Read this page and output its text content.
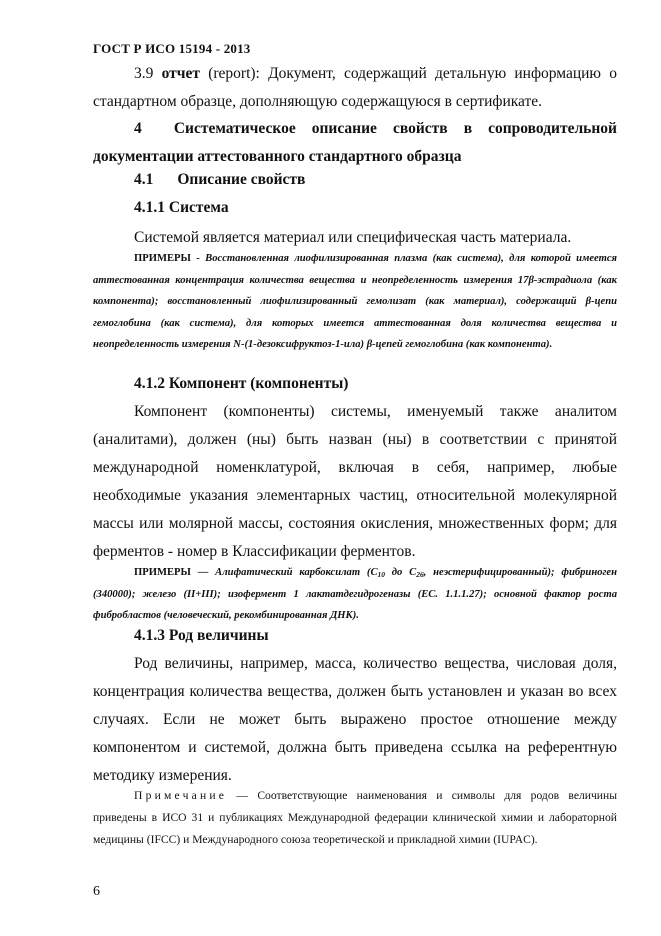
ГОСТ Р ИСО 15194 - 2013
3.9 отчет (report): Документ, содержащий детальную информацию о стандартном образце, дополняющую содержащуюся в сертификате.
4 Систематическое описание свойств в сопроводительной документации аттестованного стандартного образца
4.1 Описание свойств
4.1.1 Система
Системой является материал или специфическая часть материала.
ПРИМЕРЫ - Восстановленная лиофилизированная плазма (как система), для которой имеется аттестованная концентрация количества вещества и неопределенность измерения 17β-эстрадиола (как компонента); восстановленный лиофилизированный гемолизат (как материал), содержащий β-цепи гемоглобина (как система), для которых имеется аттестованная доля количества вещества и неопределенность измерения N-(1-дезоксифруктоз-1-ила) β-цепей гемоглобина (как компонента).
4.1.2 Компонент (компоненты)
Компонент (компоненты) системы, именуемый также аналитом (аналитами), должен (ны) быть назван (ны) в соответствии с принятой международной номенклатурой, включая в себя, например, любые необходимые указания элементарных частиц, относительной молекулярной массы или молярной массы, состояния окисления, множественных форм; для ферментов - номер в Классификации ферментов.
ПРИМЕРЫ — Алифатический карбоксилат ($С_{10}$ до $С_{26}$, неэстерифицированный); фибриноген (340000); железо (II+III); изофермент 1 лактатдегидрогеназы (ЕС. 1.1.1.27); основной фактор роста фибробластов (человеческий, рекомбинированная ДНК).
4.1.3 Род величины
Род величины, например, масса, количество вещества, числовая доля, концентрация количества вещества, должен быть установлен и указан во всех случаях. Если не может быть выражено простое отношение между компонентом и системой, должна быть приведена ссылка на референтную методику измерения.
Примечание — Соответствующие наименования и символы для родов величины приведены в ИСО 31 и публикациях Международной федерации клинической химии и лабораторной медицины (IFCC) и Международного союза теоретической и прикладной химии (IUPAC).
6
